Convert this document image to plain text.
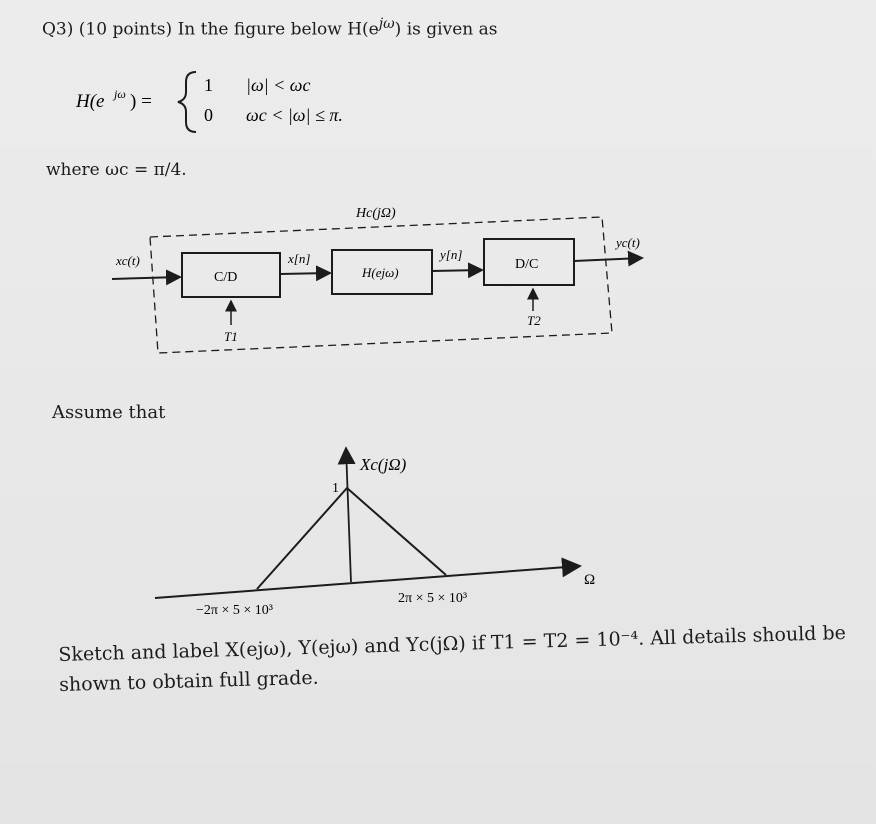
Q3) (10 points) In the figure below $H(e^{j\omega})$ is given as
H(e jω ) =
1 |ω| < ωc
0 ωc < |ω| ≤ π.
where ωc = π/4.
Hc(jΩ)
xc(t)
C/D
x[n]
H(ejω)
y[n]
D/C
yc(t)
T1
T2
Assume that
Xc(jΩ)
1
Ω
−2π × 5 × 10³
2π × 5 × 10³
Sketch and label X(ejω), Y(ejω) and Yc(jΩ) if T1 = T2 = 10⁻⁴. All details should be shown to obtain full grade.
